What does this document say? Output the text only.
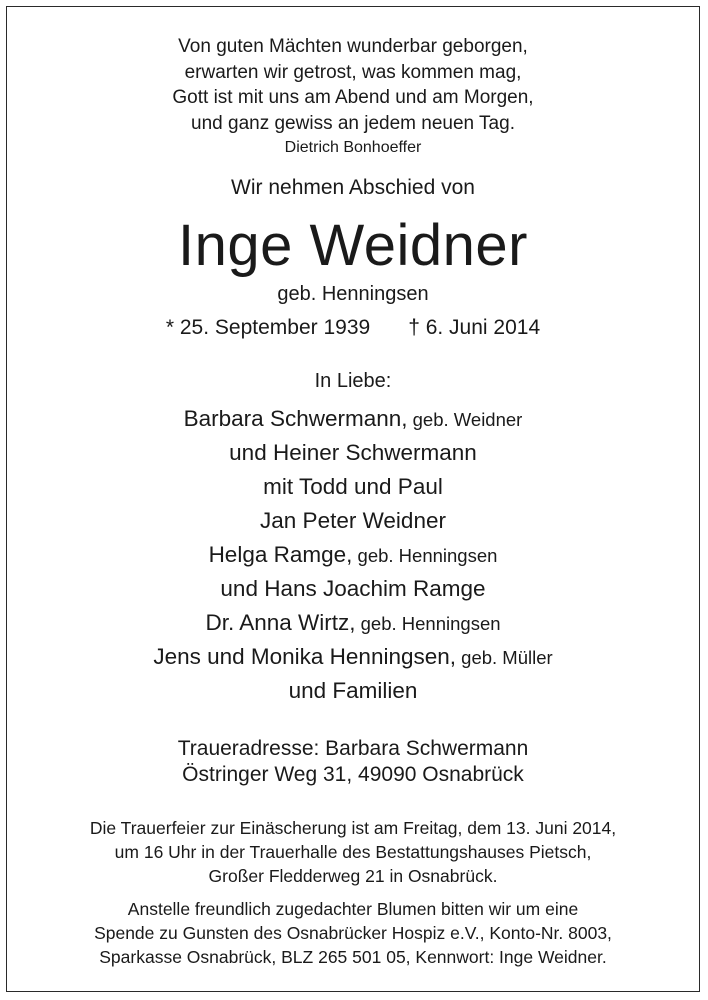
Von guten Mächten wunderbar geborgen,
erwarten wir getrost, was kommen mag,
Gott ist mit uns am Abend und am Morgen,
und ganz gewiss an jedem neuen Tag.
Dietrich Bonhoeffer
Wir nehmen Abschied von
Inge Weidner
geb. Henningsen
* 25. September 1939 † 6. Juni 2014
In Liebe:
Barbara Schwermann, geb. Weidner
und Heiner Schwermann
mit Todd und Paul
Jan Peter Weidner
Helga Ramge, geb. Henningsen
und Hans Joachim Ramge
Dr. Anna Wirtz, geb. Henningsen
Jens und Monika Henningsen, geb. Müller
und Familien
Traueradresse: Barbara Schwermann
Östringer Weg 31, 49090 Osnabrück
Die Trauerfeier zur Einäscherung ist am Freitag, dem 13. Juni 2014,
um 16 Uhr in der Trauerhalle des Bestattungshauses Pietsch,
Großer Fledderweg 21 in Osnabrück.
Anstelle freundlich zugedachter Blumen bitten wir um eine
Spende zu Gunsten des Osnabrücker Hospiz e.V., Konto-Nr. 8003,
Sparkasse Osnabrück, BLZ 265 501 05, Kennwort: Inge Weidner.
